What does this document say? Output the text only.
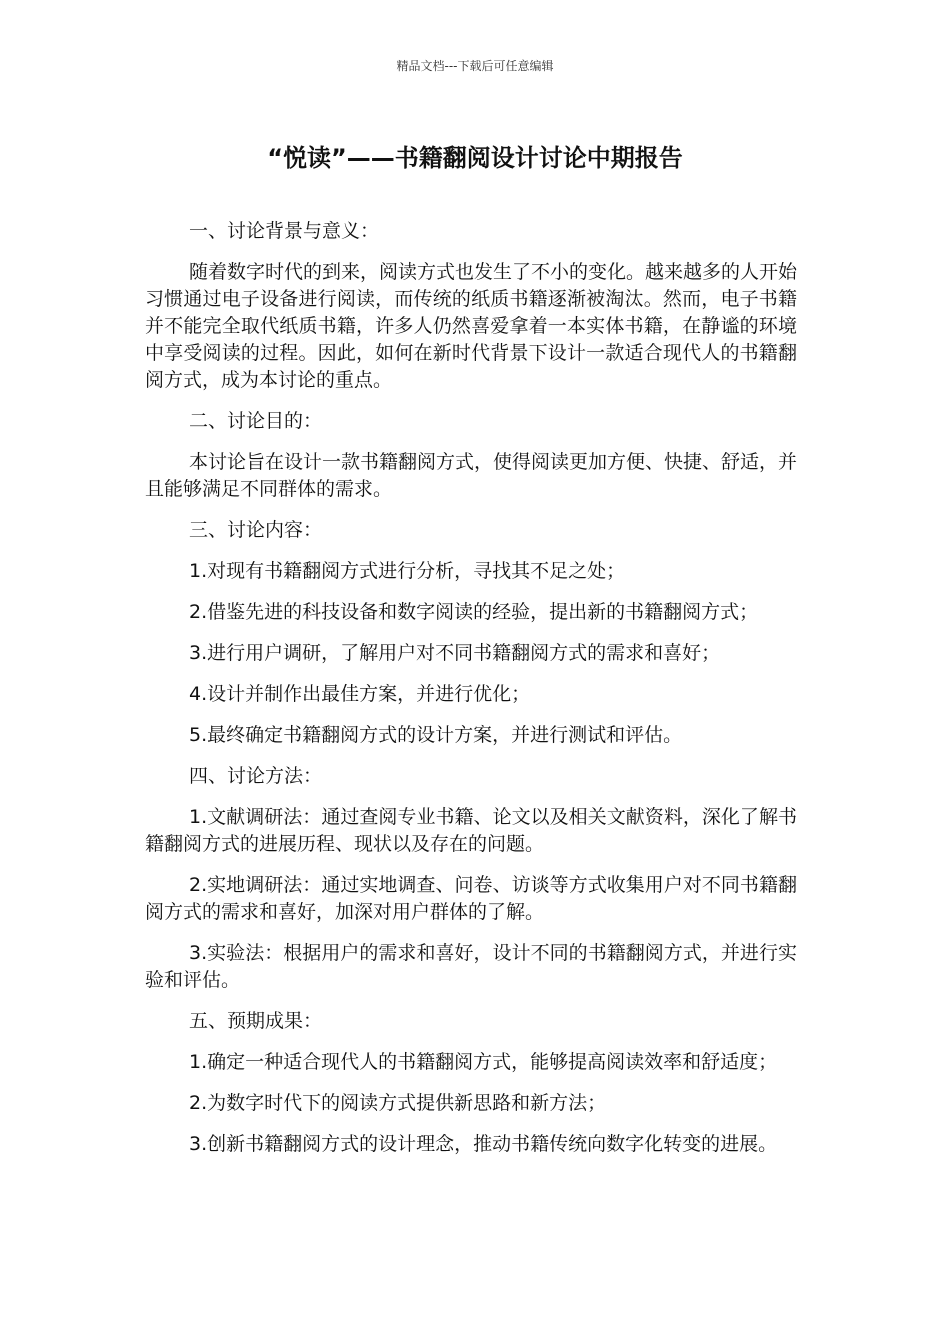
精品文档---下载后可任意编辑
“悦读”——书籍翻阅设计讨论中期报告

一、讨论背景与意义：

随着数字时代的到来，阅读方式也发生了不小的变化。越来越多的人开始习惯通过电子设备进行阅读，而传统的纸质书籍逐渐被淘汰。然而，电子书籍并不能完全取代纸质书籍，许多人仍然喜爱拿着一本实体书籍，在静谧的环境中享受阅读的过程。因此，如何在新时代背景下设计一款适合现代人的书籍翻阅方式，成为本讨论的重点。

二、讨论目的：

本讨论旨在设计一款书籍翻阅方式，使得阅读更加方便、快捷、舒适，并且能够满足不同群体的需求。

三、讨论内容：

1.对现有书籍翻阅方式进行分析，寻找其不足之处；

2.借鉴先进的科技设备和数字阅读的经验，提出新的书籍翻阅方式；

3.进行用户调研，了解用户对不同书籍翻阅方式的需求和喜好；

4.设计并制作出最佳方案，并进行优化；

5.最终确定书籍翻阅方式的设计方案，并进行测试和评估。

四、讨论方法：

1.文献调研法：通过查阅专业书籍、论文以及相关文献资料，深化了解书籍翻阅方式的进展历程、现状以及存在的问题。

2.实地调研法：通过实地调查、问卷、访谈等方式收集用户对不同书籍翻阅方式的需求和喜好，加深对用户群体的了解。

3.实验法：根据用户的需求和喜好，设计不同的书籍翻阅方式，并进行实验和评估。

五、预期成果：

1.确定一种适合现代人的书籍翻阅方式，能够提高阅读效率和舒适度；

2.为数字时代下的阅读方式提供新思路和新方法；

3.创新书籍翻阅方式的设计理念，推动书籍传统向数字化转变的进展。
